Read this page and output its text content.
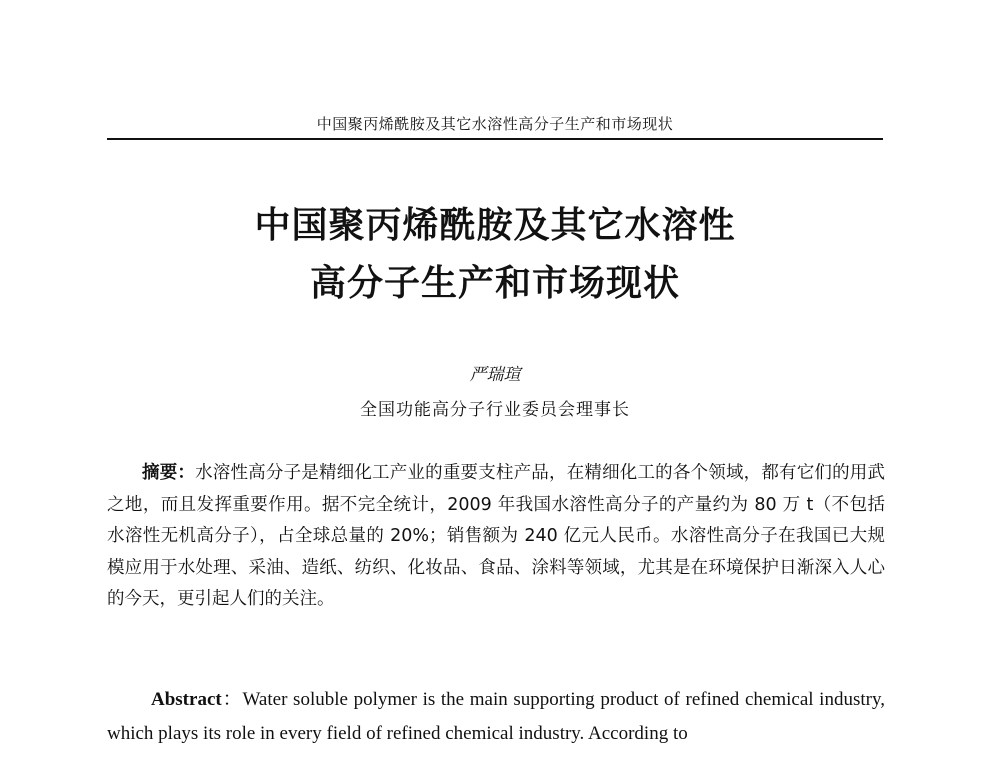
中国聚丙烯酰胺及其它水溶性高分子生产和市场现状
中国聚丙烯酰胺及其它水溶性
高分子生产和市场现状
严瑞瑄
全国功能高分子行业委员会理事长

摘要：水溶性高分子是精细化工产业的重要支柱产品，在精细化工的各个领域，都有它们的用武之地，而且发挥重要作用。据不完全统计，2009 年我国水溶性高分子的产量约为 80 万 t（不包括水溶性无机高分子），占全球总量的 20%；销售额为 240 亿元人民币。水溶性高分子在我国已大规模应用于水处理、采油、造纸、纺织、化妆品、食品、涂料等领域，尤其是在环境保护日渐深入人心的今天，更引起人们的关注。

Abstract：Water soluble polymer is the main supporting product of refined chemical industry, which plays its role in every field of refined chemical industry. According to
